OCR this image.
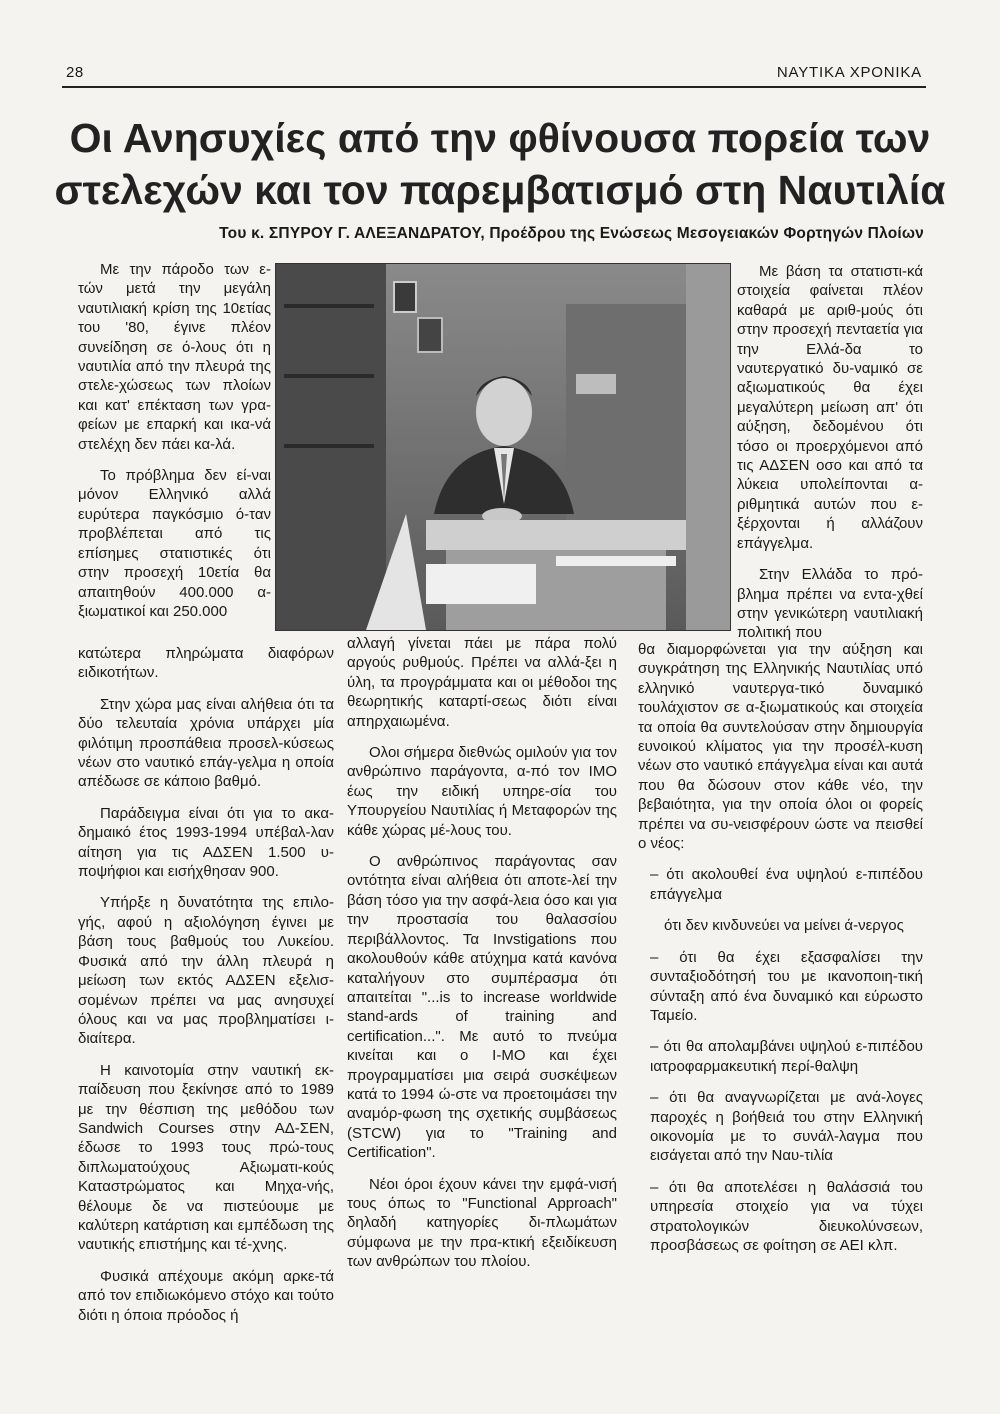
28	ΝΑΥΤΙΚΑ ΧΡΟΝΙΚΑ
Οι Ανησυχίες από την φθίνουσα πορεία των
στελεχών και τον παρεμβατισμό στη Ναυτιλία
Του κ. ΣΠΥΡΟΥ Γ. ΑΛΕΞΑΝΔΡΑΤΟΥ, Προέδρου της Ενώσεως Μεσογειακών Φορτηγών Πλοίων

Με την πάροδο των ε-τών μετά την μεγάλη ναυτιλιακή κρίση της 10ετίας του '80, έγινε πλέον συνείδηση σε ό-λους ότι η ναυτιλία από την πλευρά της στελε-χώσεως των πλοίων και κατ' επέκταση των γρα-φείων με επαρκή και ικα-νά στελέχη δεν πάει κα-λά.

Το πρόβλημα δεν εί-ναι μόνον Ελληνικό αλλά ευρύτερα παγκόσμιο ό-ταν προβλέπεται από τις επίσημες στατιστικές ότι στην προσεχή 10ετία θα απαιτηθούν 400.000 α-ξιωματικοί και 250.000

κατώτερα πληρώματα διαφόρων ειδικοτήτων.

Στην χώρα μας είναι αλήθεια ότι τα δύο τελευταία χρόνια υπάρχει μία φιλότιμη προσπάθεια προσελ-κύσεως νέων στο ναυτικό επάγ-γελμα η οποία απέδωσε σε κάποιο βαθμό.

Παράδειγμα είναι ότι για το ακα-δημαικό έτος 1993-1994 υπέβαλ-λαν αίτηση για τις ΑΔΣΕΝ 1.500 υ-ποψήφιοι και εισήχθησαν 900.

Υπήρξε η δυνατότητα της επιλο-γής, αφού η αξιολόγηση έγινει με βάση τους βαθμούς του Λυκείου. Φυσικά από την άλλη πλευρά η μείωση των εκτός ΑΔΣΕΝ εξελισ-σομένων πρέπει να μας ανησυχεί όλους και να μας προβληματίσει ι-διαίτερα.

Η καινοτομία στην ναυτική εκ-παίδευση που ξεκίνησε από το 1989 με την θέσπιση της μεθόδου των Sandwich Courses στην ΑΔ-ΣΕΝ, έδωσε το 1993 τους πρώ-τους διπλωματούχους Αξιωματι-κούς Καταστρώματος και Μηχα-νής, θέλουμε δε να πιστεύουμε με καλύτερη κατάρτιση και εμπέδωση της ναυτικής επιστήμης και τέ-χνης.

Φυσικά απέχουμε ακόμη αρκε-τά από τον επιδιωκόμενο στόχο και τούτο διότι η όποια πρόοδος ή

αλλαγή γίνεται πάει με πάρα πολύ αργούς ρυθμούς. Πρέπει να αλλά-ξει η ύλη, τα προγράμματα και οι μέθοδοι της θεωρητικής καταρτί-σεως διότι είναι απηρχαιωμένα.

Ολοι σήμερα διεθνώς ομιλούν για τον ανθρώπινο παράγοντα, α-πό τον IMO έως την ειδική υπηρε-σία του Υπουργείου Ναυτιλίας ή Μεταφορών της κάθε χώρας μέ-λους του.

Ο ανθρώπινος παράγοντας σαν οντότητα είναι αλήθεια ότι αποτε-λεί την βάση τόσο για την ασφά-λεια όσο και για την προστασία του θαλασσίου περιβάλλοντος. Τα Invstigations που ακολουθούν κάθε ατύχημα κατά κανόνα καταλήγουν στο συμπέρασμα ότι απαιτείται "...is to increase worldwide stand-ards of training and certification...". Με αυτό το πνεύμα κινείται και ο I-MO και έχει προγραμματίσει μια σειρά συσκέψεων κατά το 1994 ώ-στε να προετοιμάσει την αναμόρ-φωση της σχετικής συμβάσεως (STCW) για το "Training and Certification".

Νέοι όροι έχουν κάνει την εμφά-νισή τους όπως το "Functional Approach" δηλαδή κατηγορίες δι-πλωμάτων σύμφωνα με την πρα-κτική εξειδίκευση των ανθρώπων του πλοίου.

Με βάση τα στατιστι-κά στοιχεία φαίνεται πλέον καθαρά με αριθ-μούς ότι στην προσεχή πενταετία για την Ελλά-δα το ναυτεργατικό δυ-ναμικό σε αξιωματικούς θα έχει μεγαλύτερη μείωση απ' ότι αύξηση, δεδομένου ότι τόσο οι προερχόμενοι από τις ΑΔΣΕΝ οσο και από τα λύκεια υπολείπονται α-ριθμητικά αυτών που ε-ξέρχονται ή αλλάζουν επάγγελμα.

Στην Ελλάδα το πρό-βλημα πρέπει να εντα-χθεί στην γενικώτερη ναυτιλιακή πολιτική που

θα διαμορφώνεται για την αύξηση και συγκράτηση της Ελληνικής Ναυτιλίας υπό ελληνικό ναυτεργα-τικό δυναμικό τουλάχιστον σε α-ξιωματικούς και στοιχεία τα οποία θα συντελούσαν στην δημιουργία ευνοικού κλίματος για την προσέλ-κυση νέων στο ναυτικό επάγγελμα είναι και αυτά που θα δώσουν στον κάθε νέο, την βεβαιότητα, για την οποία όλοι οι φορείς πρέπει να συ-νεισφέρουν ώστε να πεισθεί ο νέος:

– ότι ακολουθεί ένα υψηλού ε-πιπέδου επάγγελμα

ότι δεν κινδυνεύει να μείνει ά-νεργος

– ότι θα έχει εξασφαλίσει την συνταξιοδότησή του με ικανοποιη-τική σύνταξη από ένα δυναμικό και εύρωστο Ταμείο.

– ότι θα απολαμβάνει υψηλού ε-πιπέδου ιατροφαρμακευτική περί-θαλψη

– ότι θα αναγνωρίζεται με ανά-λογες παροχές η βοήθειά του στην Ελληνική οικονομία με το συνάλ-λαγμα που εισάγεται από την Ναυ-τιλία

– ότι θα αποτελέσει η θαλάσσιά του υπηρεσία στοιχείο για να τύχει στρατολογικών διευκολύνσεων, προσβάσεως σε φοίτηση σε ΑΕΙ κλπ.
